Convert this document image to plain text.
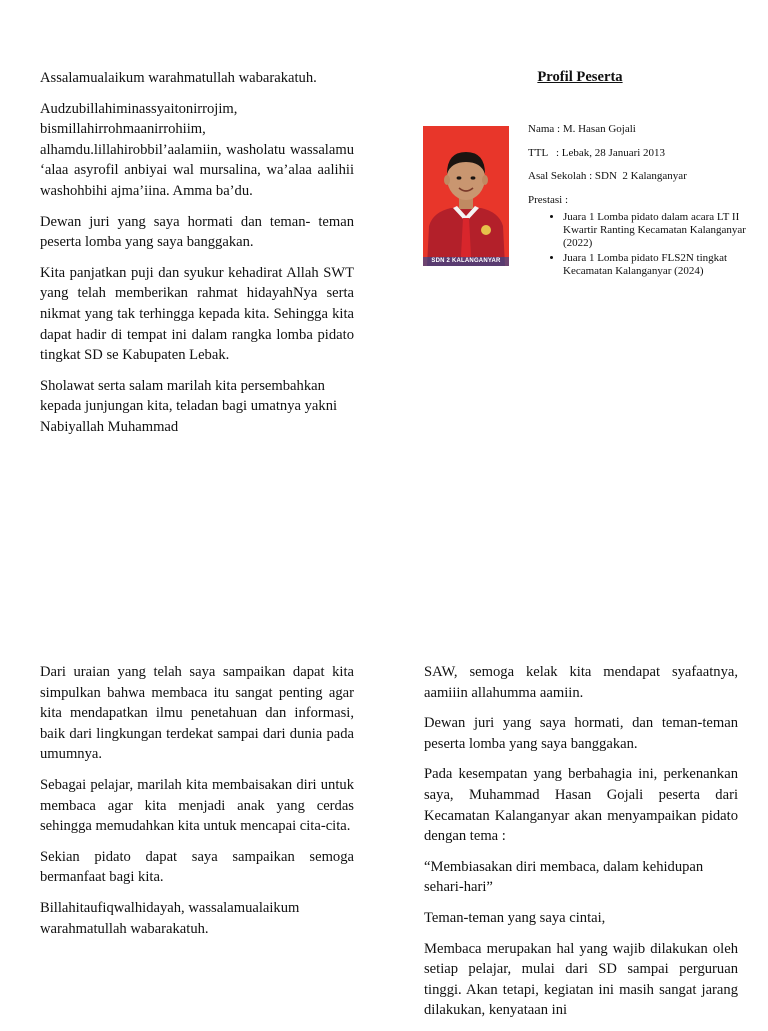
Assalamualaikum warahmatullah wabarakatuh.

Audzubillahiminassyaitonirrojim, bismillahirrohmaanirrohiim, alhamdu.lillahirobbil’aalamiin, washolatu wassalamu ‘alaa asyrofil anbiyai wal mursalina, wa’alaa aalihii washohbihi ajma’iina. Amma ba’du.

Dewan juri yang saya hormati dan teman- teman peserta lomba yang saya banggakan.

Kita panjatkan puji dan syukur kehadirat Allah SWT yang telah memberikan rahmat hidayahNya serta nikmat yang tak terhingga kepada kita. Sehingga kita dapat hadir di tempat ini dalam rangka lomba pidato tingkat SD se Kabupaten Lebak.

Sholawat serta salam marilah kita persembahkan kepada junjungan kita, teladan bagi umatnya yakni Nabiyallah Muhammad

Profil Peserta
SDN 2 KALANGANYAR
Nama : M. Hasan Gojali
TTL   : Lebak, 28 Januari 2013
Asal Sekolah : SDN  2 Kalanganyar
Prestasi :
• Juara 1 Lomba pidato dalam acara LT II Kwartir Ranting Kecamatan Kalanganyar (2022)
• Juara 1 Lomba pidato FLS2N tingkat Kecamatan Kalanganyar (2024)

Dari uraian yang telah saya sampaikan dapat kita simpulkan bahwa membaca itu sangat penting agar kita mendapatkan ilmu penetahuan dan informasi, baik dari lingkungan terdekat sampai dari dunia pada umumnya.

Sebagai pelajar, marilah kita membaisakan diri untuk membaca agar kita menjadi anak yang cerdas sehingga memudahkan kita untuk mencapai cita-cita.

Sekian pidato dapat saya sampaikan semoga bermanfaat bagi kita.

Billahitaufiqwalhidayah, wassalamualaikum warahmatullah wabarakatuh.

SAW, semoga kelak kita mendapat syafaatnya, aamiiin allahumma aamiin.

Dewan juri yang saya hormati, dan teman-teman peserta lomba yang saya banggakan.

Pada kesempatan yang berbahagia ini, perkenankan saya, Muhammad Hasan Gojali peserta dari Kecamatan Kalanganyar akan menyampaikan pidato dengan tema :

“Membiasakan diri membaca, dalam kehidupan sehari-hari”

Teman-teman yang saya cintai,

Membaca merupakan hal yang wajib dilakukan oleh setiap pelajar, mulai dari SD sampai perguruan tinggi. Akan tetapi, kegiatan ini masih sangat jarang dilakukan, kenyataan ini
